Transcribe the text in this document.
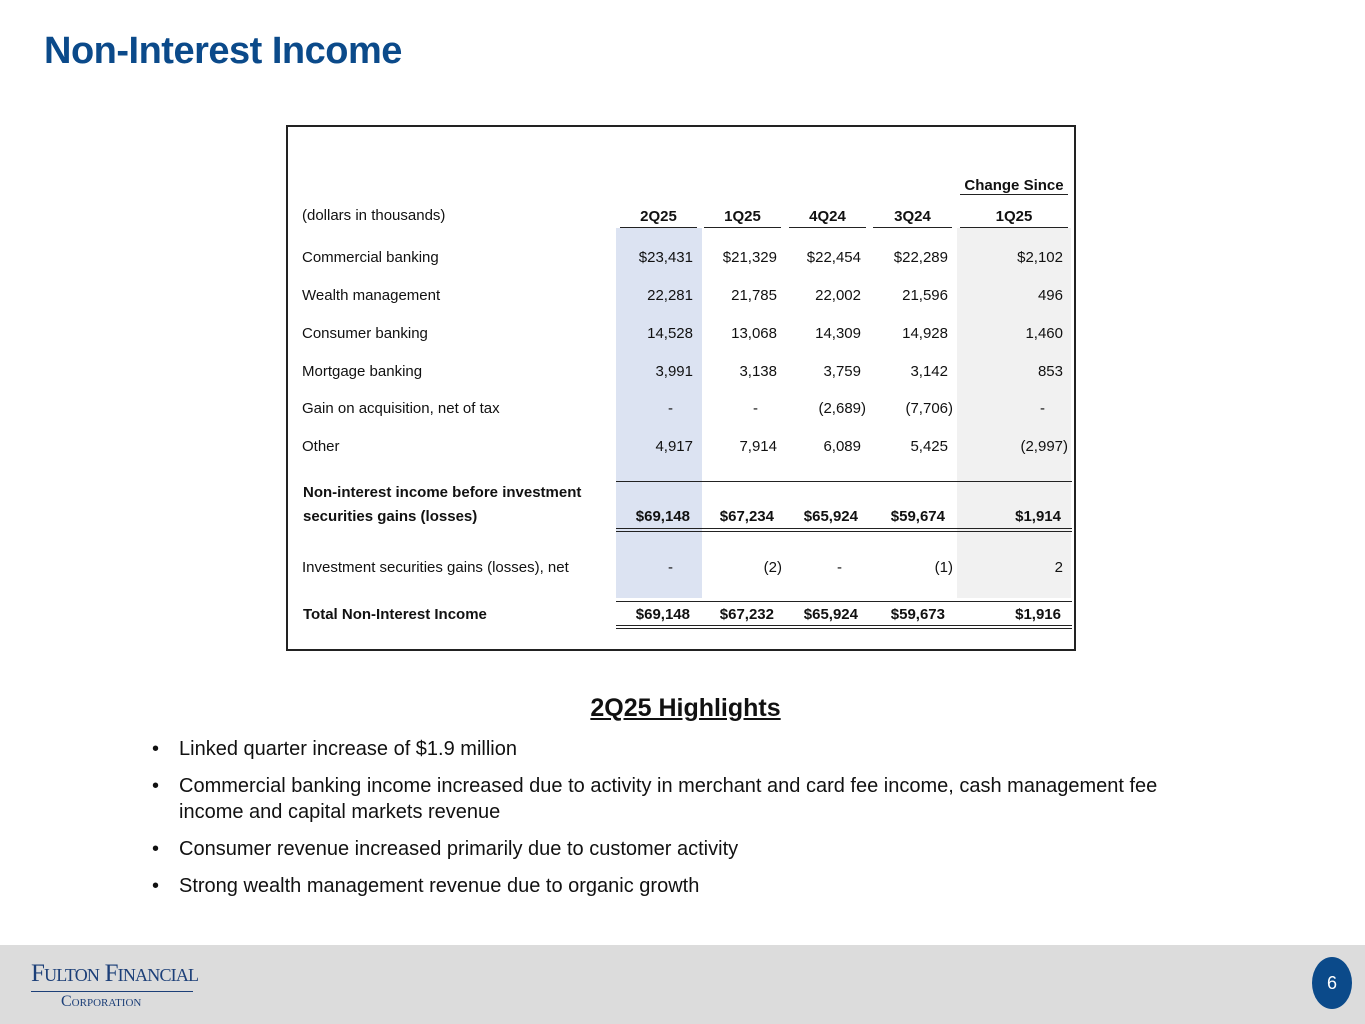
Non-Interest Income
Change Since
(dollars in thousands)	2Q25	1Q25	4Q24	3Q24	1Q25
Commercial banking	$23,431 $21,329 $22,454 $22,289	$2,102
Wealth management	22,281	21,785	22,002	21,596	496
Consumer banking	14,528	13,068	14,309	14,928	1,460
Mortgage banking	3,991	3,138	3,759	3,142	853
Gain on acquisition, net of tax	-	-	(2,689)	(7,706)	-
Other	4,917	7,914	6,089	5,425	(2,997)
Non-interest income before investment
securities gains (losses)	$69,148 $67,234 $65,924 $59,674	$1,914
Investment securities gains (losses), net	-	(2)	-	(1)	2
Total Non-Interest Income	$69,148 $67,232 $65,924 $59,673	$1,916
2Q25 Highlights
• Linked quarter increase of $1.9 million
• Commercial banking income increased due to activity in merchant and card fee income, cash management fee income and capital markets revenue
• Consumer revenue increased primarily due to customer activity
• Strong wealth management revenue due to organic growth
Fulton Financial
Corporation
6
